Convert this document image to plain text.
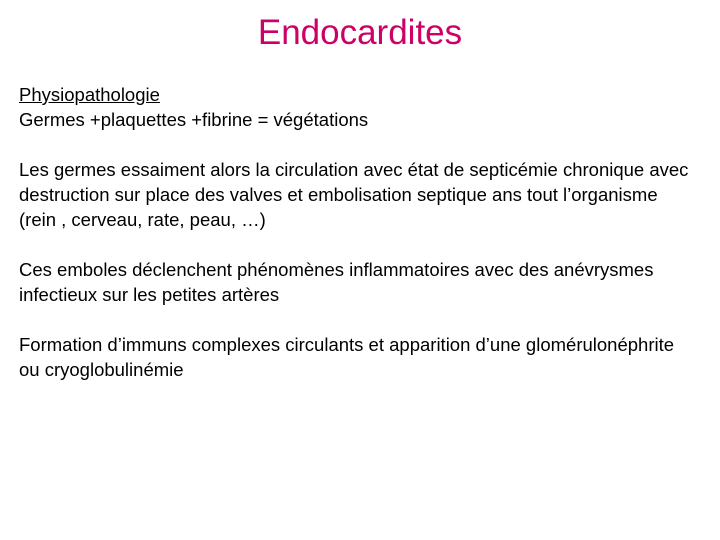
Endocardites

Physiopathologie

Germes +plaquettes +fibrine = végétations

Les germes essaiment alors la circulation avec état de septicémie chronique avec destruction sur place des valves et embolisation septique ans tout l’organisme (rein , cerveau, rate, peau, …)

Ces emboles déclenchent phénomènes inflammatoires avec des anévrysmes infectieux sur les petites artères

Formation d’immuns complexes circulants et apparition d’une glomérulonéphrite ou cryoglobulinémie
